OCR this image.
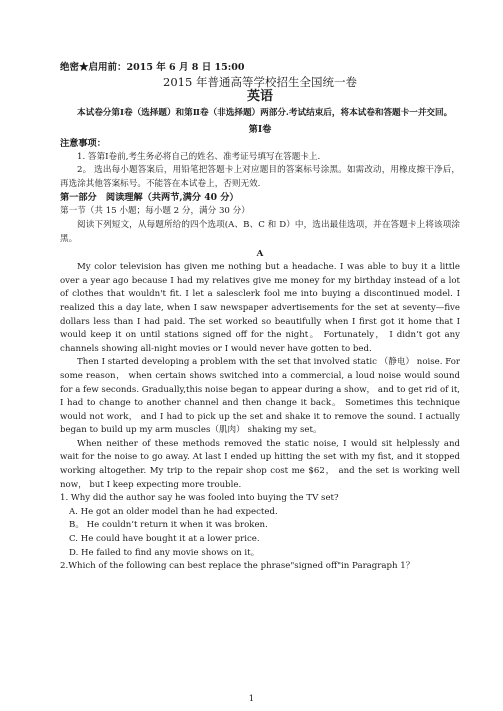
绝密★启用前：2015 年 6 月 8 日 15:00

2015 年普通高等学校招生全国统一卷

英语

本试卷分第Ⅰ卷（选择题）和第Ⅱ卷（非选择题）两部分.考试结束后，将本试卷和答题卡一并交回。

第Ⅰ卷

注意事项：

1. 答第Ⅰ卷前,考生务必将自己的姓名、准考证号填写在答题卡上.

2。 选出每小题答案后，用铅笔把答题卡上对应题目的答案标号涂黑。如需改动，用橡皮擦干净后，再选涂其他答案标号。不能答在本试卷上，否则无效.

第一部分　阅读理解（共两节,满分 40 分）

第一节（共 15 小题；每小题 2 分，满分 30 分）

阅读下列短文，从每题所给的四个选项(A、B、C 和 D）中，选出最佳选项，并在答题卡上将该项涂黑。

A

My color television has given me nothing but a headache. I was able to buy it a little over a year ago because I had my relatives give me money for my birthday instead of a lot of clothes that wouldn't fit. I let a salesclerk fool me into buying a discontinued model. I realized this a day late, when I saw newspaper advertisements for the set at seventy—five dollars less than I had paid. The set worked so beautifully when I first got it home that I would keep it on until stations signed off for the night。 Fortunately， I didn’t got any channels showing all-night movies or I would never have gotten to bed.

Then I started developing a problem with the set that involved static （静电） noise. For some reason， when certain shows switched into a commercial, a loud noise would sound for a few seconds. Gradually,this noise began to appear during a show， and to get rid of it, I had to change to another channel and then change it back。 Sometimes this technique would not work， and I had to pick up the set and shake it to remove the sound. I actually began to build up my arm muscles（肌肉） shaking my set。

When neither of these methods removed the static noise, I would sit helplessly and wait for the noise to go away. At last I ended up hitting the set with my fist, and it stopped working altogether. My trip to the repair shop cost me $62， and the set is working well now， but I keep expecting more trouble.

1. Why did the author say he was fooled into buying the TV set?

A. He got an older model than he had expected.

B。 He couldn’t return it when it was broken.

C. He could have bought it at a lower price.

D. He failed to find any movie shows on it。

2.Which of the following can best replace the phrase"signed off"in Paragraph 1？

1
